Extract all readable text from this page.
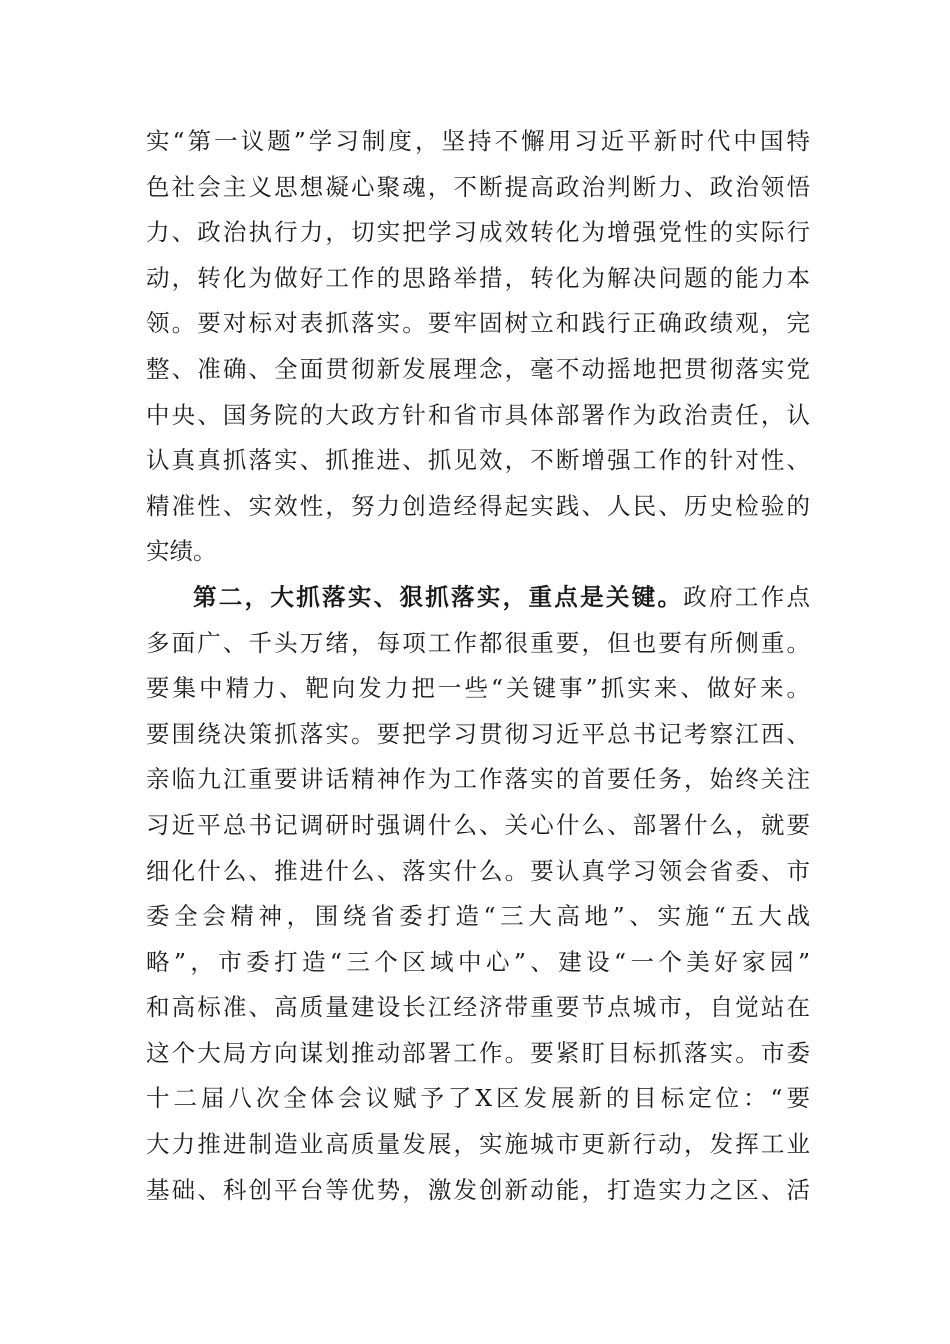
实“第一议题”学习制度，坚持不懈用习近平新时代中国特
色社会主义思想凝心聚魂，不断提高政治判断力、政治领悟
力、政治执行力，切实把学习成效转化为增强党性的实际行
动，转化为做好工作的思路举措，转化为解决问题的能力本
领。要对标对表抓落实。要牢固树立和践行正确政绩观，完
整、准确、全面贯彻新发展理念，毫不动摇地把贯彻落实党
中央、国务院的大政方针和省市具体部署作为政治责任，认
认真真抓落实、抓推进、抓见效，不断增强工作的针对性、
精准性、实效性，努力创造经得起实践、人民、历史检验的
实绩。
第二，大抓落实、狠抓落实，重点是关键。政府工作点
多面广、千头万绪，每项工作都很重要，但也要有所侧重。
要集中精力、靶向发力把一些“关键事”抓实来、做好来。
要围绕决策抓落实。要把学习贯彻习近平总书记考察江西、
亲临九江重要讲话精神作为工作落实的首要任务，始终关注
习近平总书记调研时强调什么、关心什么、部署什么，就要
细化什么、推进什么、落实什么。要认真学习领会省委、市
委全会精神，围绕省委打造“三大高地”、实施“五大战
略”，市委打造“三个区域中心”、建设“一个美好家园”
和高标准、高质量建设长江经济带重要节点城市，自觉站在
这个大局方向谋划推动部署工作。要紧盯目标抓落实。市委
十二届八次全体会议赋予了X区发展新的目标定位：“要
大力推进制造业高质量发展，实施城市更新行动，发挥工业
基础、科创平台等优势，激发创新动能，打造实力之区、活
